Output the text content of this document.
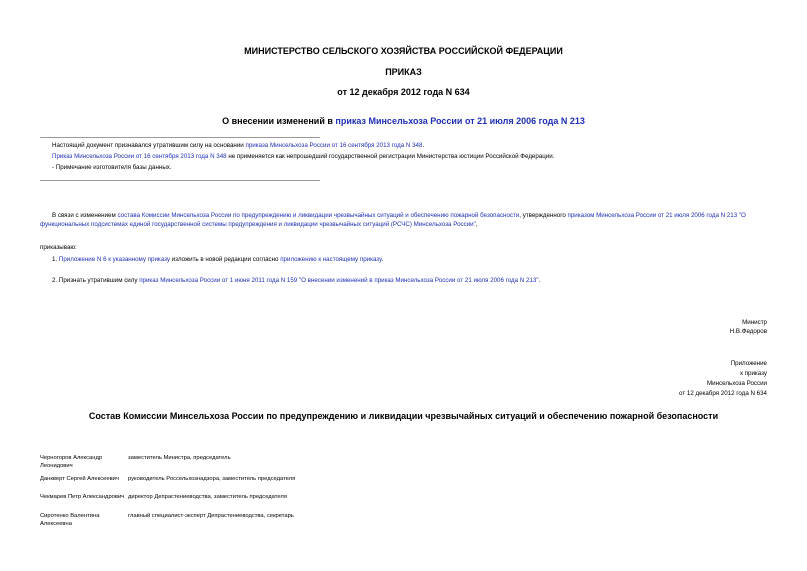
МИНИСТЕРСТВО СЕЛЬСКОГО ХОЗЯЙСТВА РОССИЙСКОЙ ФЕДЕРАЦИИ
ПРИКАЗ
от 12 декабря 2012 года N 634
О внесении изменений в приказ Минсельхоза России от 21 июля 2006 года N 213
Настоящий документ признавался утратившим силу на основании приказа Минсельхоза России от 16 сентября 2013 года N 348.
Приказ Минсельхоза России от 16 сентября 2013 года N 348 не применяется как непрошедший государственной регистрации Министерства юстиции Российской Федерации.
- Примечание изготовителя базы данных.
В связи с изменением состава Комиссии Минсельхоза России по предупреждению и ликвидации чрезвычайных ситуаций и обеспечению пожарной безопасности, утвержденного приказом Минсельхоза России от 21 июля 2006 года N 213 "О функциональных подсистемах единой государственной системы предупреждения и ликвидации чрезвычайных ситуаций (РСЧС) Минсельхоза России",
приказываю:
1. Приложение N 6 к указанному приказу изложить в новой редакции согласно приложению к настоящему приказу.
2. Признать утратившим силу приказ Минсельхоза России от 1 июня 2011 года N 159 "О внесении изменений в приказ Минсельхоза России от 21 июля 2006 года N 213".
Министр
Н.В.Федоров
Приложение
к приказу
Минсельхоза России
от 12 декабря 2012 года N 634
Состав Комиссии Минсельхоза России по предупреждению и ликвидации чрезвычайных ситуаций и обеспечению пожарной безопасности
Черногоров Александр Леонидович
заместитель Министра, председатель
Данкверт Сергей Алексеевич	руководитель Россельхознадзора, заместитель председателя
Чекмарев Петр Александрович директор Депрастениеводства, заместитель председателя
Сиротенко Валентина Алексеевна
главный специалист-эксперт Депрастениеводства, секретарь
